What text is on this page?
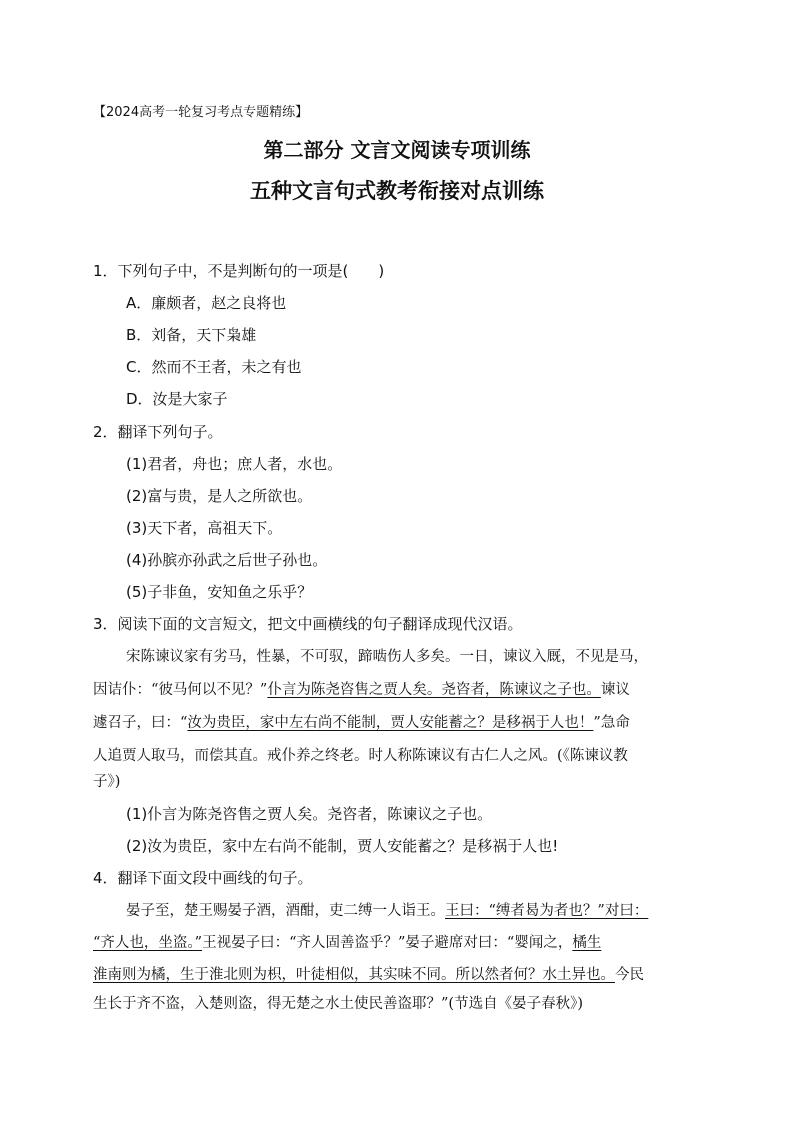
【2024高考一轮复习考点专题精练】
第二部分 文言文阅读专项训练
五种文言句式教考衔接对点训练
1．下列句子中，不是判断句的一项是(　　)
A．廉颇者，赵之良将也
B．刘备，天下枭雄
C．然而不王者，未之有也
D．汝是大家子
2．翻译下列句子。
(1)君者，舟也；庶人者，水也。
(2)富与贵，是人之所欲也。
(3)天下者，高祖天下。
(4)孙膑亦孙武之后世子孙也。
(5)子非鱼，安知鱼之乐乎？
3．阅读下面的文言短文，把文中画横线的句子翻译成现代汉语。
宋陈谏议家有劣马，性暴，不可驭，蹄啮伤人多矣。一日，谏议入厩，不见是马，
因诘仆：“彼马何以不见？”仆言为陈尧咨售之贾人矣。尧咨者，陈谏议之子也。谏议
遽召子，曰：“汝为贵臣，家中左右尚不能制，贾人安能蓄之？是移祸于人也！”急命
人追贾人取马，而偿其直。戒仆养之终老。时人称陈谏议有古仁人之风。(《陈谏议教
子》)
(1)仆言为陈尧咨售之贾人矣。尧咨者，陈谏议之子也。
(2)汝为贵臣，家中左右尚不能制，贾人安能蓄之？是移祸于人也!
4．翻译下面文段中画线的句子。
晏子至，楚王赐晏子酒，酒酣，吏二缚一人诣王。王曰：“缚者曷为者也？”对曰：
“齐人也，坐盗。”王视晏子曰：“齐人固善盗乎？”晏子避席对曰：“婴闻之，橘生
淮南则为橘，生于淮北则为枳，叶徒相似，其实味不同。所以然者何？水土异也。今民
生长于齐不盗，入楚则盗，得无楚之水土使民善盗耶？”(节选自《晏子春秋》)
